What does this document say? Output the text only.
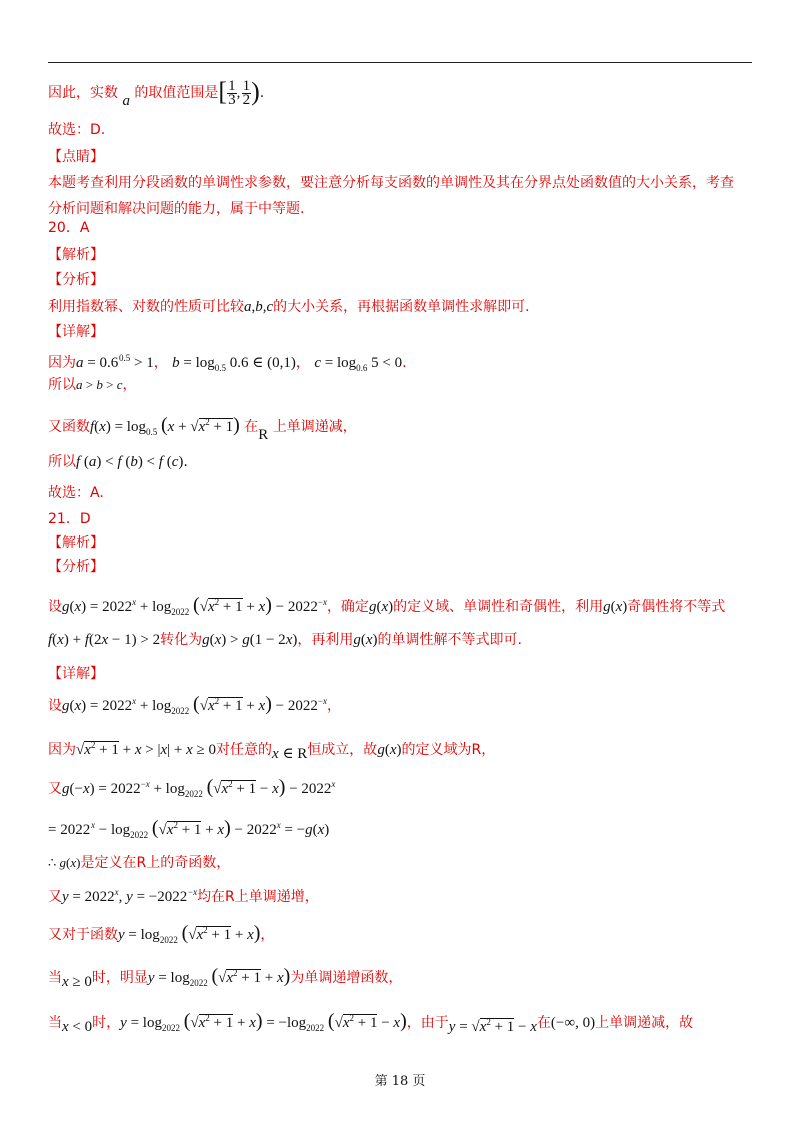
因此，实数 a 的取值范围是[ $\frac{1}{3}$ ,  $\frac{1}{2}$ ).
故选：D.
【点睛】
本题考查利用分段函数的单调性求参数，要注意分析每支函数的单调性及其在分界点处函数值的大小关系，考查
分析问题和解决问题的能力，属于中等题.
20．A
【解析】
【分析】
利用指数幂、对数的性质可比较a,b,c的大小关系，再根据函数单调性求解即可.
【详解】
因为a = 0.6 $^{0.5}$ > 1， $b = \log_{0.5} 0.6$ ∈ (0,1)， $c = \log_{0.6} 5 < 0$.
所以a > b > c，
又函数$f(x) = \log_{0.5} (x + √x^2 + 1)$ 在R 上单调递减，
所以f (a) < f (b) < f (c).
故选：A.
21．D
【解析】
【分析】
设$g(x) = 2022^x + \log_{2022} (√x^2 + 1 + x) - 2022^{-x}$，确定g(x)的定义域、单调性和奇偶性，利用g(x)奇偶性将不等式
f(x) + f(2x − 1) > 2转化为g(x) > g(1 − 2x)，再利用g(x)的单调性解不等式即可.
【详解】
设$g(x) = 2022^x + \log_{2022} (√x^2 + 1 + x) - 2022^{-x}$，
因为$√x^2 + 1 + x > |x| + x \ge 0$对任意的x ∈ R恒成立，故g(x)的定义域为R，
又$g(-x) = 2022^{-x} + \log_{2022} (√x^2 + 1 - x) - 2022^x$
= 2022 $^x - \log_{2022} (√x^2 + 1 + x) - 2022^x = -g(x)$
∴ g(x)是定义在R上的奇函数，
又$y = 2022^x$, y = −2022 $^{-x}$均在R上单调递增，
又对于函数$y = \log_{2022} (√x^2 + 1 + x)$，
当x ≥ 0时，明显$y = \log_{2022} (√x^2 + 1 + x)$为单调递增函数，
当x < 0时，$y = \log_{2022} (√x^2 + 1 + x) = -\log_{2022}$ $(√x^2 + 1 - x)$，由于$y = √x^2 + 1 - x$在(−∞, 0)上单调递减，故
第 18 页
